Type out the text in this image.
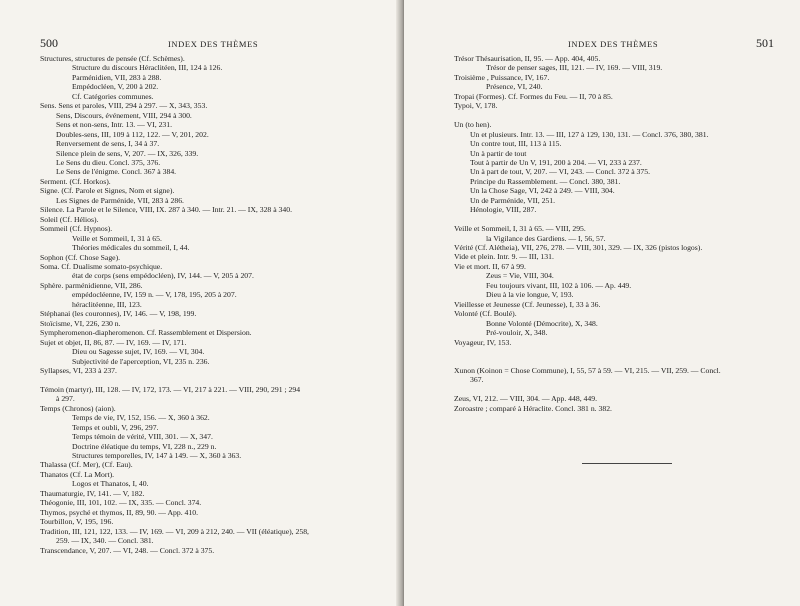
500	INDEX DES THÈMES
Structures, structures de pensée (Cf. Schèmes).
Structure du discours Héraclitéen, III, 124 à 126.
Parménidien, VII, 283 à 288.
Empédocléen, V, 200 à 202.
Cf. Catégories communes.
Sens. Sens et paroles, VIII, 294 à 297. — X, 343, 353.
Sens, Discours, événement, VIII, 294 à 300.
Sens et non-sens, Intr. 13. — VI, 231.
Doubles-sens, III, 109 à 112, 122. — V, 201, 202.
Renversement de sens, I, 34 à 37.
Silence plein de sens, V, 207. — IX, 326, 339.
Le Sens du dieu. Concl. 375, 376.
Le Sens de l'énigme. Concl. 367 à 384.
Serment. (Cf. Horkos).
Signe. (Cf. Parole et Signes, Nom et signe).
Les Signes de Parménide, VII, 283 à 286.
Silence. La Parole et le Silence, VIII, IX. 287 à 340. — Intr. 21. — IX, 328 à 340.
Soleil (Cf. Hélios).
Sommeil (Cf. Hypnos).
Veille et Sommeil, I, 31 à 65.
Théories médicales du sommeil, I, 44.
Sophon (Cf. Chose Sage).
Soma. Cf. Dualisme somato-psychique.
état de corps (sens empédocléen), IV, 144. — V, 205 à 207.
Sphère. parménidienne, VII, 286.
empédocléenne, IV, 159 n. — V, 178, 195, 205 à 207.
héraclitéenne, III, 123.
Stéphanai (les couronnes), IV, 146. — V, 198, 199.
Stoïcisme, VI, 226, 230 n.
Sympheromenon-diapheromenon. Cf. Rassemblement et Dispersion.
Sujet et objet, II, 86, 87. — IV, 169. — IV, 171.
Dieu ou Sagesse sujet, IV, 169. — VI, 304.
Subjectivité de l'aperception, VI, 235 n. 236.
Syllapses, VI, 233 à 237.
Témoin (martyr), III, 128. — IV, 172, 173. — VI, 217 à 221. — VIII, 290, 291 ; 294
à 297.
Temps (Chronos) (aion).
Temps de vie, IV, 152, 156. — X, 360 à 362.
Temps et oubli, V, 296, 297.
Temps témoin de vérité, VIII, 301. — X, 347.
Doctrine éléatique du temps, VI, 228 n., 229 n.
Structures temporelles, IV, 147 à 149. — X, 360 à 363.
Thalassa (Cf. Mer), (Cf. Eau).
Thanatos (Cf. La Mort).
Logos et Thanatos, I, 40.
Thaumaturgie, IV, 141. — V, 182.
Théogonie, III, 101, 102. — IX, 335. — Concl. 374.
Thymos, psyché et thymos, II, 89, 90. — App. 410.
Tourbillon, V, 195, 196.
Tradition, III, 121, 122, 133. — IV, 169. — VI, 209 à 212, 240. — VII (éléatique), 258,
259. — IX, 340. — Concl. 381.
Transcendance, V, 207. — VI, 248. — Concl. 372 à 375.
INDEX DES THÈMES	501
Trésor Thésaurisation, II, 95. — App. 404, 405.
Trésor de penser sages, III, 121. — IV, 169. — VIII, 319.
Troisième , Puissance, IV, 167.
Présence, VI, 240.
Tropai (Formes). Cf. Formes du Feu. — II, 70 à 85.
Typoi, V, 178.
Un (to hen).
Un et plusieurs. Intr. 13. — III, 127 à 129, 130, 131. — Concl. 376, 380, 381.
Un contre tout, III, 113 à 115.
Un à partir de tout
Tout à partir de Un V, 191, 200 à 204. — VI, 233 à 237.
Un à part de tout, V, 207. — VI, 243. — Concl. 372 à 375.
Principe du Rassemblement. — Concl. 380, 381.
Un la Chose Sage, VI, 242 à 249. — VIII, 304.
Un de Parménide, VII, 251.
Hénologie, VIII, 287.
Veille et Sommeil, I, 31 à 65. — VIII, 295.
la Vigilance des Gardiens. — I, 56, 57.
Vérité (Cf. Alétheia), VII, 276, 278. — VIII, 301, 329. — IX, 326 (pistos logos).
Vide et plein. Intr. 9. — III, 131.
Vie et mort. II, 67 à 99.
Zeus = Vie, VIII, 304.
Feu toujours vivant, III, 102 à 106. — Ap. 449.
Dieu à la vie longue, V, 193.
Vieillesse et Jeunesse (Cf. Jeunesse), I, 33 à 36.
Volonté (Cf. Boulé).
Bonne Volonté (Démocrite), X, 348.
Pré-vouloir, X, 348.
Voyageur, IV, 153.
Xunon (Koinon = Chose Commune), I, 55, 57 à 59. — VI, 215. — VII, 259. — Concl.
367.
Zeus, VI, 212. — VIII, 304. — App. 448, 449.
Zoroastre ; comparé à Héraclite. Concl. 381 n. 382.
